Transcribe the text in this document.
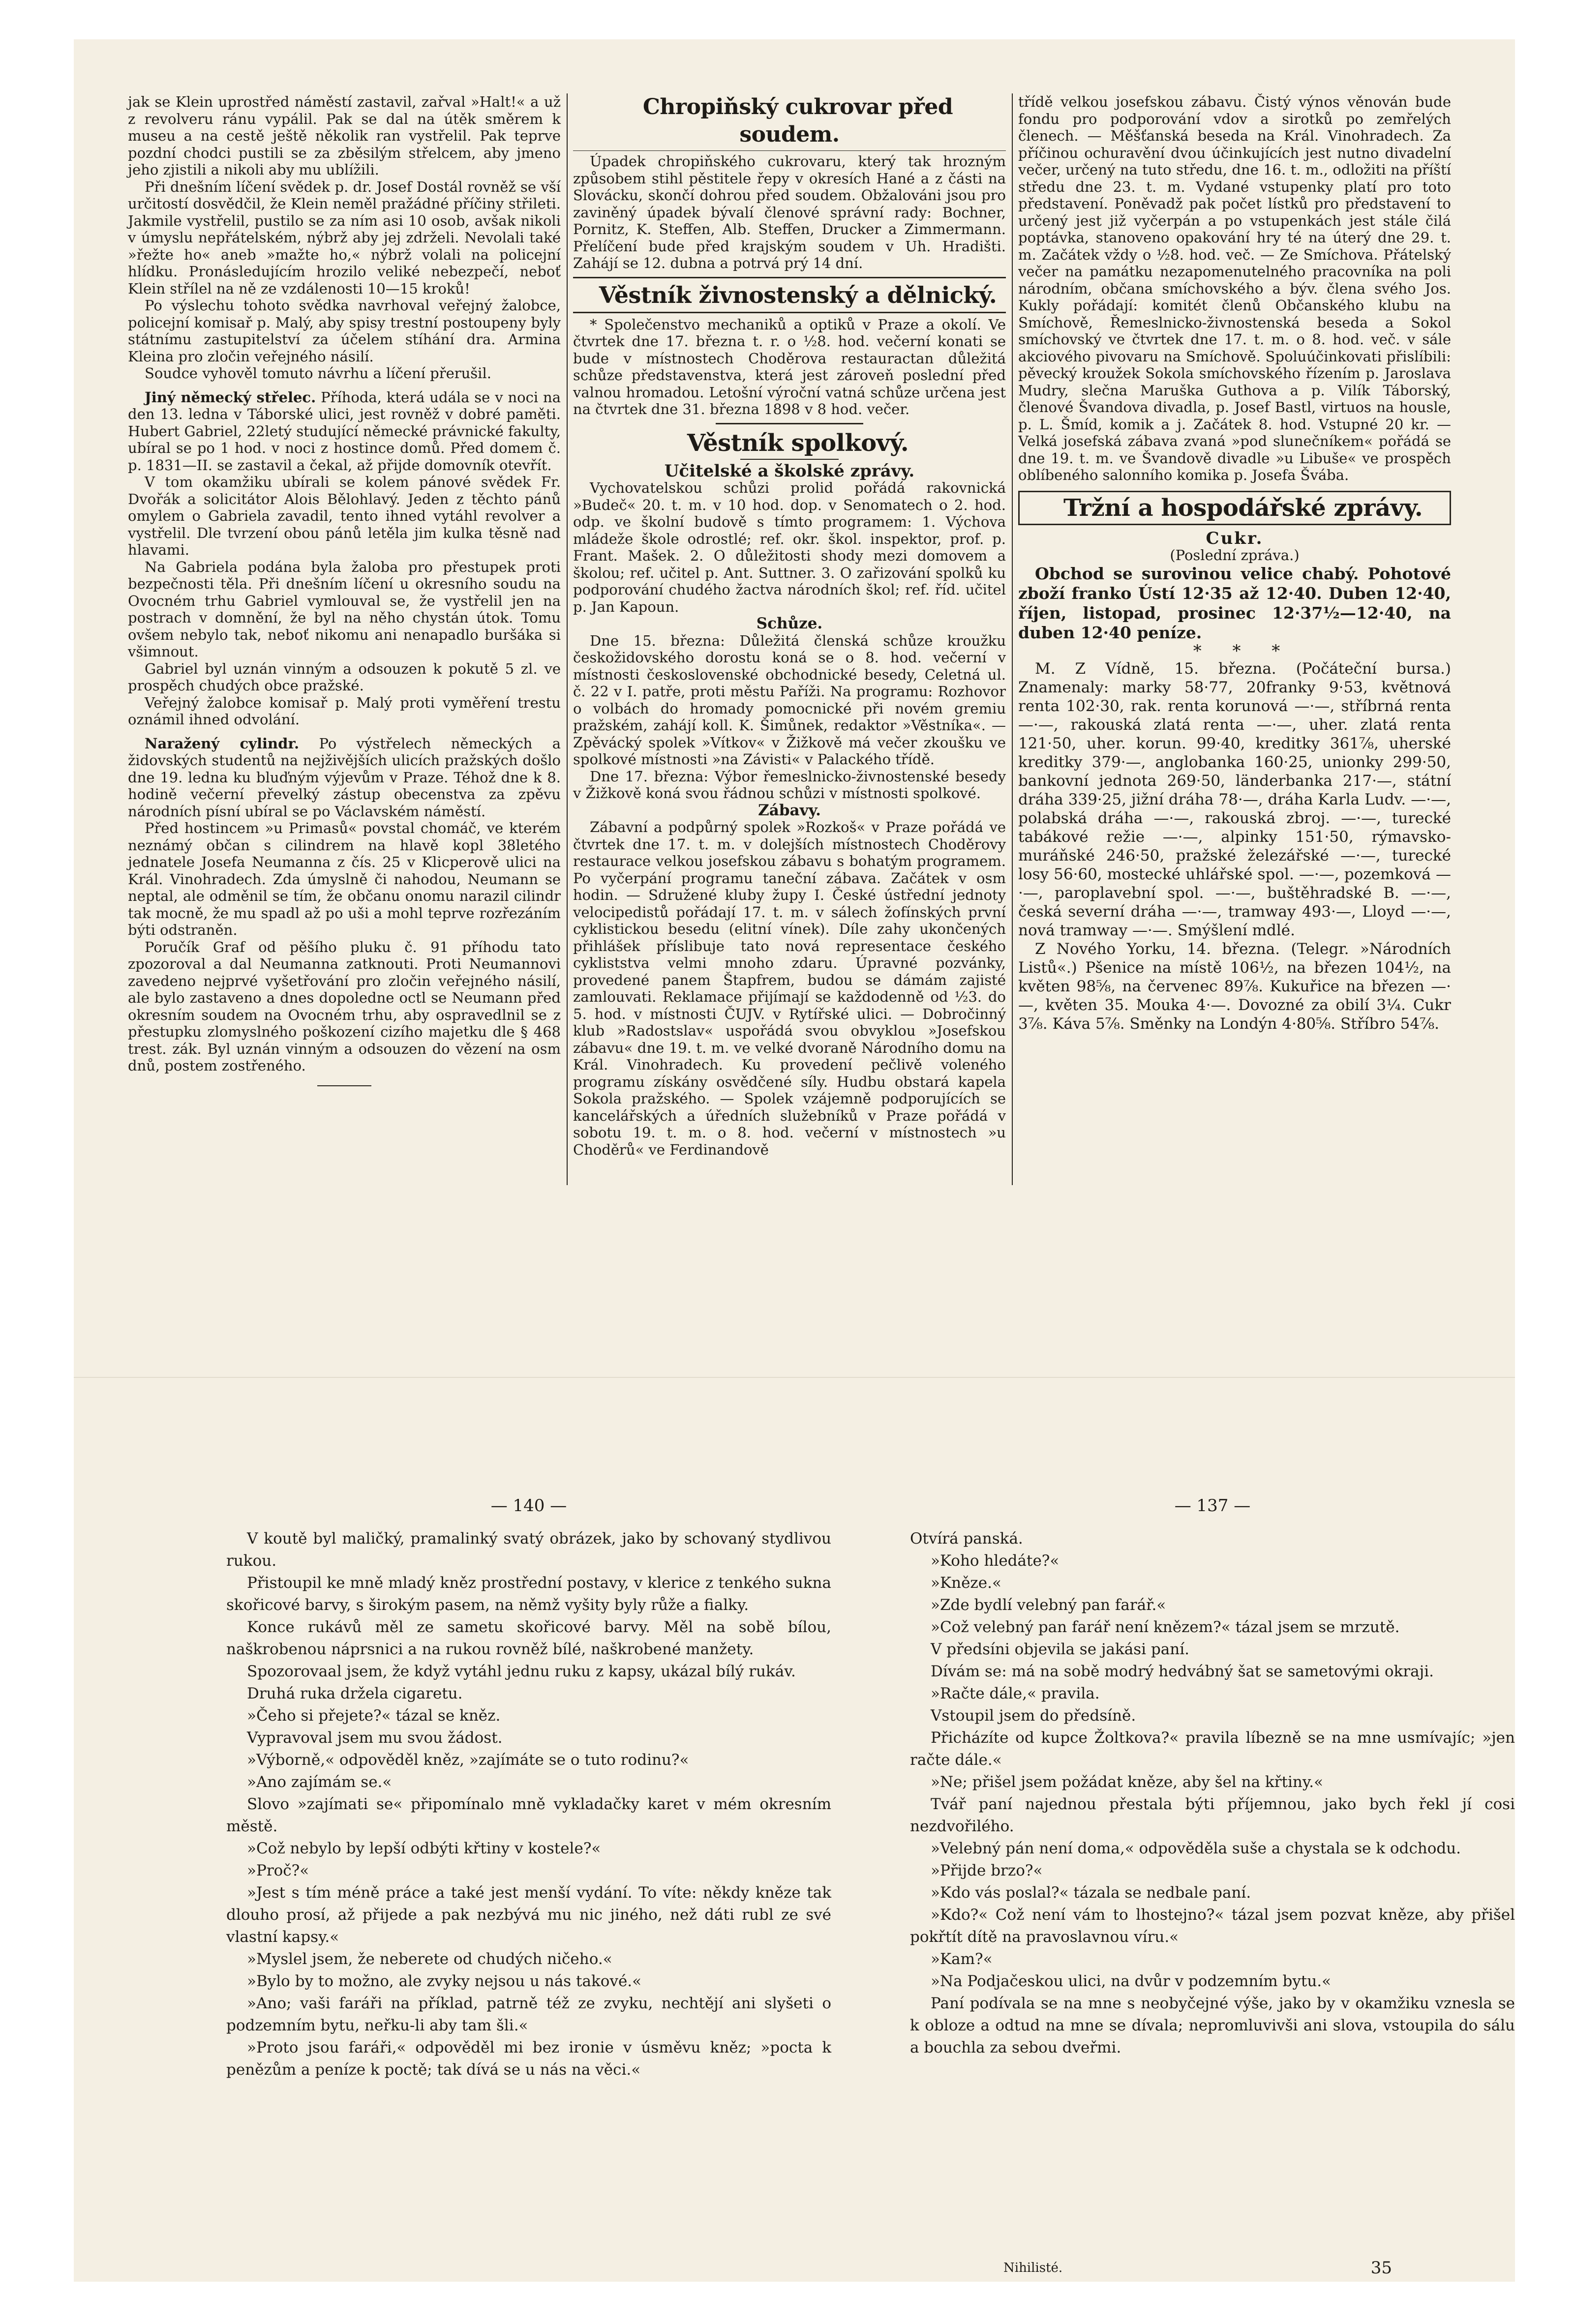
jak se Klein uprostřed náměstí zastavil, zařval »Halt!« a už z revolveru ránu vypálil. Pak se dal na útěk směrem k museu a na cestě ještě několik ran vystřelil. Pak teprve pozdní chodci pustili se za zběsilým střelcem, aby jmeno jeho zjistili a nikoli aby mu ublížili.

Při dnešním líčení svědek p. dr. Josef Dostál rovněž se vší určitostí dosvědčil, že Klein neměl pražádné příčiny střileti. Jakmile vystřelil, pustilo se za ním asi 10 osob, avšak nikoli v úmyslu nepřátelském, nýbrž aby jej zdrželi. Nevolali také »řežte ho« aneb »mažte ho,« nýbrž volali na policejní hlídku. Pronásledujícím hrozilo veliké nebezpečí, neboť Klein střílel na ně ze vzdálenosti 10—15 kroků!

Po výslechu tohoto svědka navrhoval veřejný žalobce, policejní komisař p. Malý, aby spisy trestní postoupeny byly státnímu zastupitelství za účelem stíhání dra. Armina Kleina pro zločin veřejného násilí.

Soudce vyhověl tomuto návrhu a líčení přerušil.

Jiný německý střelec. Příhoda, která udála se v noci na den 13. ledna v Táborské ulici, jest rovněž v dobré paměti. Hubert Gabriel, 22letý studující německé právnické fakulty, ubíral se po 1 hod. v noci z hostince domů. Před domem č. p. 1831—II. se zastavil a čekal, až přijde domovník otevřít.

V tom okamžiku ubírali se kolem pánové svědek Fr. Dvořák a solicitátor Alois Bělohlavý. Jeden z těchto pánů omylem o Gabriela zavadil, tento ihned vytáhl revolver a vystřelil. Dle tvrzení obou pánů letěla jim kulka těsně nad hlavami.

Na Gabriela podána byla žaloba pro přestupek proti bezpečnosti těla. Při dnešním líčení u okresního soudu na Ovocném trhu Gabriel vymlouval se, že vystřelil jen na postrach v domnění, že byl na něho chystán útok. Tomu ovšem nebylo tak, neboť nikomu ani nenapadlo buršáka si všimnout.

Gabriel byl uznán vinným a odsouzen k pokutě 5 zl. ve prospěch chudých obce pražské.

Veřejný žalobce komisař p. Malý proti vyměření trestu oznámil ihned odvolání.

Naražený cylindr. Po výstřelech německých a židovských studentů na nejživějších ulicích pražských došlo dne 19. ledna ku bluďným výjevům v Praze. Téhož dne k 8. hodině večerní převelký zástup obecenstva za zpěvu národních písní ubíral se po Václavském náměstí.

Před hostincem »u Primasů« povstal chomáč, ve kterém neznámý občan s cilindrem na hlavě kopl 38letého jednatele Josefa Neumanna z čís. 25 v Klicperově ulici na Král. Vinohradech. Zda úmyslně či nahodou, Neumann se neptal, ale odměnil se tím, že občanu onomu narazil cilindr tak mocně, že mu spadl až po uši a mohl teprve rozřezáním býti odstraněn.

Poručík Graf od pěšího pluku č. 91 příhodu tato zpozoroval a dal Neumanna zatknouti. Proti Neumannovi zavedeno nejprvé vyšetřování pro zločin veřejného násilí, ale bylo zastaveno a dnes dopoledne octl se Neumann před okresním soudem na Ovocném trhu, aby ospravedlnil se z přestupku zlomyslného poškození cizího majetku dle § 468 trest. zák. Byl uznán vinným a odsouzen do vězení na osm dnů, postem zostřeného.

Chropiňský cukrovar před soudem.

Úpadek chropiňského cukrovaru, který tak hrozným způsobem stihl pěstitele řepy v okresích Hané a z části na Slovácku, skončí dohrou před soudem. Obžalováni jsou pro zaviněný úpadek bývalí členové správní rady: Bochner, Pornitz, K. Steffen, Alb. Steffen, Drucker a Zimmermann. Přelíčení bude před krajským soudem v Uh. Hradišti. Zahájí se 12. dubna a potrvá prý 14 dní.

Věstník živnostenský a dělnický.

* Společenstvo mechaniků a optiků v Praze a okolí. Ve čtvrtek dne 17. března t. r. o ½8. hod. večerní konati se bude v místnostech Choděrova restauractan důležitá schůze představenstva, která jest zároveň poslední před valnou hromadou. Letošní výroční vatná schůze určena jest na čtvrtek dne 31. března 1898 v 8 hod. večer.

Věstník spolkový.

Učitelské a školské zprávy.

Vychovatelskou schůzi prolid pořádá rakovnická »Budeč« 20. t. m. v 10 hod. dop. v Senomatech o 2. hod. odp. ve školní budově s tímto programem: 1. Výchova mládeže škole odrostlé; ref. okr. škol. inspektor, prof. p. Frant. Mašek. 2. O důležitosti shody mezi domovem a školou; ref. učitel p. Ant. Suttner. 3. O zařizování spolků ku podporování chudého žactva národních škol; ref. říd. učitel p. Jan Kapoun.

Schůze.

Dne 15. března: Důležitá členská schůze kroužku českožidovského dorostu koná se o 8. hod. večerní v místnosti československé obchodnické besedy, Celetná ul. č. 22 v I. patře, proti městu Paříži. Na programu: Rozhovor o volbách do hromady pomocnické při novém gremiu pražském, zahájí koll. K. Šimůnek, redaktor »Věstníka«. — Zpěvácký spolek »Vítkov« v Žižkově má večer zkoušku ve spolkové místnosti »na Závisti« v Palackého třídě.

Dne 17. března: Výbor řemeslnicko-živnostenské besedy v Žižkově koná svou řádnou schůzi v místnosti spolkové.

Zábavy.

Zábavní a podpůrný spolek »Rozkoš« v Praze pořádá ve čtvrtek dne 17. t. m. v dolejších místnostech Choděrovy restaurace velkou josefskou zábavu s bohatým programem. Po vyčerpání programu taneční zábava. Začátek v osm hodin. — Sdružené kluby župy I. České ústřední jednoty velocipedistů pořádají 17. t. m. v sálech žofínských první cyklistickou besedu (elitní vínek). Díle zahy ukončených přihlášek příslibuje tato nová representace českého cykliststva velmi mnoho zdaru. Úpravné pozvánky, provedené panem Štapfrem, budou se dámám zajisté zamlouvati. Reklamace přijímají se každodenně od ½3. do 5. hod. v místnosti ČUJV. v Rytířské ulici. — Dobročinný klub »Radostslav« uspořádá svou obvyklou »Josefskou zábavu« dne 19. t. m. ve velké dvoraně Národního domu na Král. Vinohradech. Ku provedení pečlivě voleného programu získány osvědčené síly. Hudbu obstará kapela Sokola pražského. — Spolek vzájemně podporujících se kancelářských a úředních služebníků v Praze pořádá v sobotu 19. t. m. o 8. hod. večerní v místnostech »u Choděrů« ve Ferdinandově

třídě velkou josefskou zábavu. Čistý výnos věnován bude fondu pro podporování vdov a sirotků po zemřelých členech. — Měšťanská beseda na Král. Vinohradech. Za příčinou ochuravění dvou účinkujících jest nutno divadelní večer, určený na tuto středu, dne 16. t. m., odložiti na příští středu dne 23. t. m. Vydané vstupenky platí pro toto představení. Poněvadž pak počet lístků pro představení to určený jest již vyčerpán a po vstupenkách jest stále čilá poptávka, stanoveno opakování hry té na úterý dne 29. t. m. Začátek vždy o ½8. hod. več. — Ze Smíchova. Přátelský večer na památku nezapomenutelného pracovníka na poli národním, občana smíchovského a býv. člena svého Jos. Kukly pořádají: komitét členů Občanského klubu na Smíchově, Řemeslnicko-živnostenská beseda a Sokol smíchovský ve čtvrtek dne 17. t. m. o 8. hod. več. v sále akciového pivovaru na Smíchově. Spoluúčinkovati přislíbili: pěvecký kroužek Sokola smíchovského řízením p. Jaroslava Mudry, slečna Maruška Guthova a p. Vilík Táborský, členové Švandova divadla, p. Josef Bastl, virtuos na housle, p. L. Šmíd, komik a j. Začátek 8. hod. Vstupné 20 kr. — Velká josefská zábava zvaná »pod slunečníkem« pořádá se dne 19. t. m. ve Švandově divadle »u Libuše« ve prospěch oblíbeného salonního komika p. Josefa Švába.

Tržní a hospodářské zprávy.

Cukr.

(Poslední zpráva.)

Obchod se surovinou velice chabý. Pohotové zboží franko Ústí 12·35 až 12·40. Duben 12·40, říjen, listopad, prosinec 12·37½—12·40, na duben 12·40 peníze.

* * *

M. Z Vídně, 15. března. (Počáteční bursa.) Znamenaly: marky 58·77, 20franky 9·53, květnová renta 102·30, rak. renta korunová —·—, stříbrná renta —·—, rakouská zlatá renta —·—, uher. zlatá renta 121·50, uher. korun. 99·40, kreditky 361⅞, uherské kreditky 379·—, anglobanka 160·25, unionky 299·50, bankovní jednota 269·50, länderbanka 217·—, státní dráha 339·25, jižní dráha 78·—, dráha Karla Ludv. —·—, polabská dráha —·—, rakouská zbroj. —·—, turecké tabákové režie —·—, alpinky 151·50, rýmavsko-muráňské 246·50, pražské železářské —·—, turecké losy 56·60, mostecké uhlářské spol. —·—, pozemková —·—, paroplavební spol. —·—, buštěhradské B. —·—, česká severní dráha —·—, tramway 493·—, Lloyd —·—, nová tramway —·—. Smýšlení mdlé.

Z Nového Yorku, 14. března. (Telegr. »Národních Listů«.) Pšenice na místě 106½, na březen 104½, na květen 98⅝, na červenec 89⅞. Kukuřice na březen —·—, květen 35. Mouka 4·—. Dovozné za obilí 3¼. Cukr 3⅞. Káva 5⅞. Směnky na Londýn 4·80⅝. Stříbro 54⅞.

— 140 —

V koutě byl maličký, pramalinký svatý obrázek, jako by schovaný stydlivou rukou.

Přistoupil ke mně mladý kněz prostřední postavy, v klerice z tenkého sukna skořicové barvy, s širokým pasem, na němž vyšity byly růže a fialky.

Konce rukávů měl ze sametu skořicové barvy. Měl na sobě bílou, naškrobenou náprsnici a na rukou rovněž bílé, naškrobené manžety.

Spozorovaal jsem, že když vytáhl jednu ruku z kapsy, ukázal bílý rukáv.

Druhá ruka držela cigaretu.

»Čeho si přejete?« tázal se kněz.

Vypravoval jsem mu svou žádost.

»Výborně,« odpověděl kněz, »zajímáte se o tuto rodinu?«

»Ano zajímám se.«

Slovo »zajímati se« připomínalo mně vykladačky karet v mém okresním městě.

»Což nebylo by lepší odbýti křtiny v kostele?«

»Proč?«

»Jest s tím méně práce a také jest menší vydání. To víte: někdy kněze tak dlouho prosí, až přijede a pak nezbývá mu nic jiného, než dáti rubl ze své vlastní kapsy.«

»Myslel jsem, že neberete od chudých ničeho.«

»Bylo by to možno, ale zvyky nejsou u nás takové.«

»Ano; vaši faráři na příklad, patrně též ze zvyku, nechtějí ani slyšeti o podzemním bytu, neřku-li aby tam šli.«

»Proto jsou faráři,« odpověděl mi bez ironie v úsměvu kněz; »pocta k penězům a peníze k poctě; tak dívá se u nás na věci.«

— 137 —

Otvírá panská.

»Koho hledáte?«

»Kněze.«

»Zde bydlí velebný pan farář.«

»Což velebný pan farář není knězem?« tázal jsem se mrzutě.

V předsíni objevila se jakási paní.

Dívám se: má na sobě modrý hedvábný šat se sametovými okraji.

»Račte dále,« pravila.

Vstoupil jsem do předsíně.

Přicházíte od kupce Žoltkova?« pravila líbezně se na mne usmívajíc; »jen račte dále.«

»Ne; přišel jsem požádat kněze, aby šel na křtiny.«

Tvář paní najednou přestala býti příjemnou, jako bych řekl jí cosi nezdvořilého.

»Velebný pán není doma,« odpověděla suše a chystala se k odchodu.

»Přijde brzo?«

»Kdo vás poslal?« tázala se nedbale paní.

»Kdo?« Což není vám to lhostejno?« tázal jsem pozvat kněze, aby přišel pokřtít dítě na pravoslavnou víru.«

»Kam?«

»Na Podjačeskou ulici, na dvůr v podzemním bytu.«

Paní podívala se na mne s neobyčejné výše, jako by v okamžiku vznesla se k obloze a odtud na mne se dívala; nepromluvivši ani slova, vstoupila do sálu a bouchla za sebou dveřmi.

Nihilisté.	35
